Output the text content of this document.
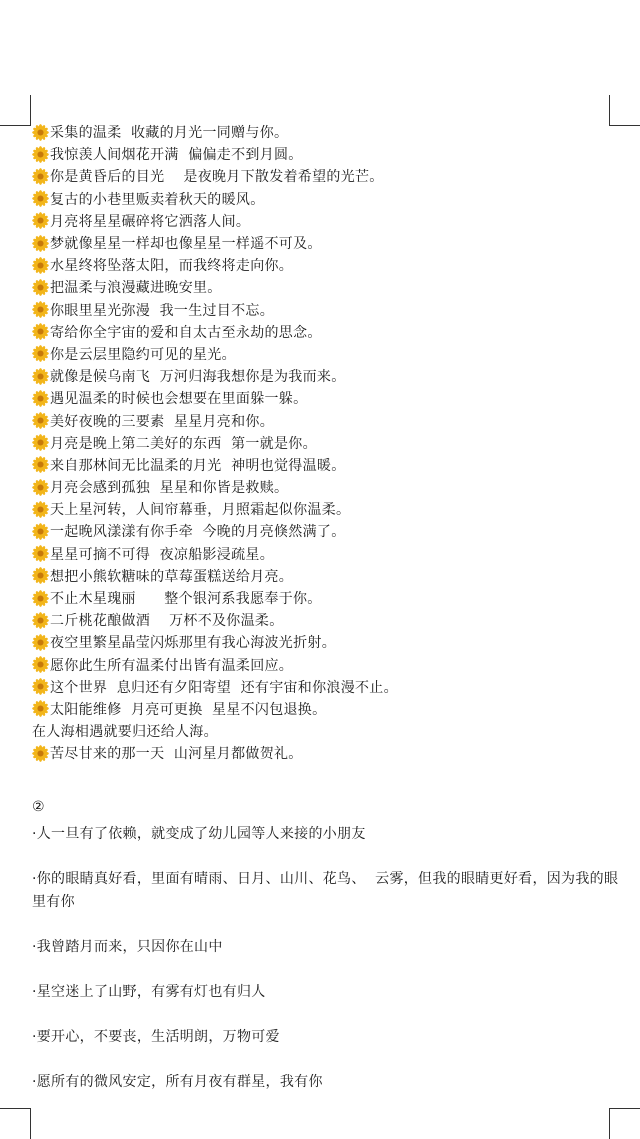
采集的温柔  收藏的月光一同赠与你。
我惊羡人间烟花开满  偏偏走不到月圆。
你是黄昏后的目光    是夜晚月下散发着希望的光芒。
复古的小巷里贩卖着秋天的暖风。
月亮将星星碾碎将它洒落人间。
梦就像星星一样却也像星星一样遥不可及。
水星终将坠落太阳，而我终将走向你。
把温柔与浪漫藏进晚安里。
你眼里星光弥漫  我一生过目不忘。
寄给你全宇宙的爱和自太古至永劫的思念。
你是云层里隐约可见的星光。
就像是候乌南飞  万河归海我想你是为我而来。
遇见温柔的时候也会想要在里面躲一躲。
美好夜晚的三要素  星星月亮和你。
月亮是晚上第二美好的东西  第一就是你。
来自那林间无比温柔的月光  神明也觉得温暖。
月亮会感到孤独  星星和你皆是救赎。
天上星河转，人间帘幕垂，月照霜起似你温柔。
一起晚风漾漾有你手牵  今晚的月亮倏然满了。
星星可摘不可得  夜凉船影浸疏星。
想把小熊软糖味的草莓蛋糕送给月亮。
不止木星瑰丽      整个银河系我愿奉于你。
二斤桃花酿做酒    万杯不及你温柔。
夜空里繁星晶莹闪烁那里有我心海波光折射。
愿你此生所有温柔付出皆有温柔回应。
这个世界  息归还有夕阳寄望  还有宇宙和你浪漫不止。
太阳能维修  月亮可更换  星星不闪包退换。
在人海相遇就要归还给人海。
苦尽甘来的那一天  山河星月都做贺礼。
②
·人一旦有了依赖，就变成了幼儿园等人来接的小朋友
·你的眼睛真好看，里面有晴雨、日月、山川、花鸟、  云雾，但我的眼睛更好看，因为我的眼里有你
·我曾踏月而来，只因你在山中
·星空迷上了山野，有雾有灯也有归人
·要开心，不要丧，生活明朗，万物可爱
·愿所有的微风安定，所有月夜有群星，我有你
